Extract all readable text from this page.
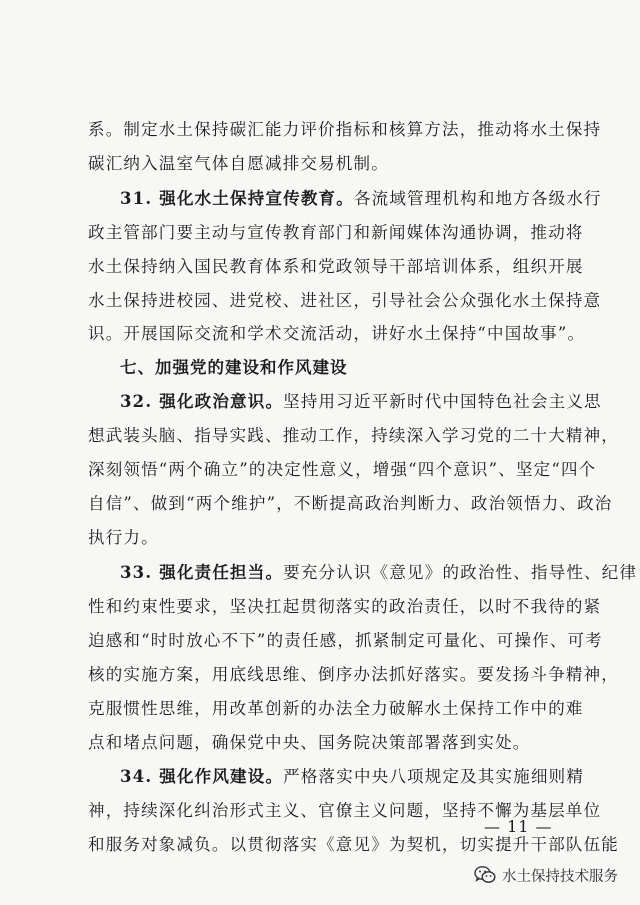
系。制定水土保持碳汇能力评价指标和核算方法，推动将水土保持
碳汇纳入温室气体自愿减排交易机制。
31. 强化水土保持宣传教育。各流域管理机构和地方各级水行
政主管部门要主动与宣传教育部门和新闻媒体沟通协调，推动将
水土保持纳入国民教育体系和党政领导干部培训体系，组织开展
水土保持进校园、进党校、进社区，引导社会公众强化水土保持意
识。开展国际交流和学术交流活动，讲好水土保持“中国故事”。
七、加强党的建设和作风建设
32. 强化政治意识。坚持用习近平新时代中国特色社会主义思
想武装头脑、指导实践、推动工作，持续深入学习党的二十大精神，
深刻领悟“两个确立”的决定性意义，增强“四个意识”、坚定“四个
自信”、做到“两个维护”，不断提高政治判断力、政治领悟力、政治
执行力。
33. 强化责任担当。要充分认识《意见》的政治性、指导性、纪律
性和约束性要求，坚决扛起贯彻落实的政治责任，以时不我待的紧
迫感和“时时放心不下”的责任感，抓紧制定可量化、可操作、可考
核的实施方案，用底线思维、倒序办法抓好落实。要发扬斗争精神，
克服惯性思维，用改革创新的办法全力破解水土保持工作中的难
点和堵点问题，确保党中央、国务院决策部署落到实处。
34. 强化作风建设。严格落实中央八项规定及其实施细则精
神，持续深化纠治形式主义、官僚主义问题，坚持不懈为基层单位
和服务对象减负。以贯彻落实《意见》为契机，切实提升干部队伍能
— 11 —
水土保持技术服务
